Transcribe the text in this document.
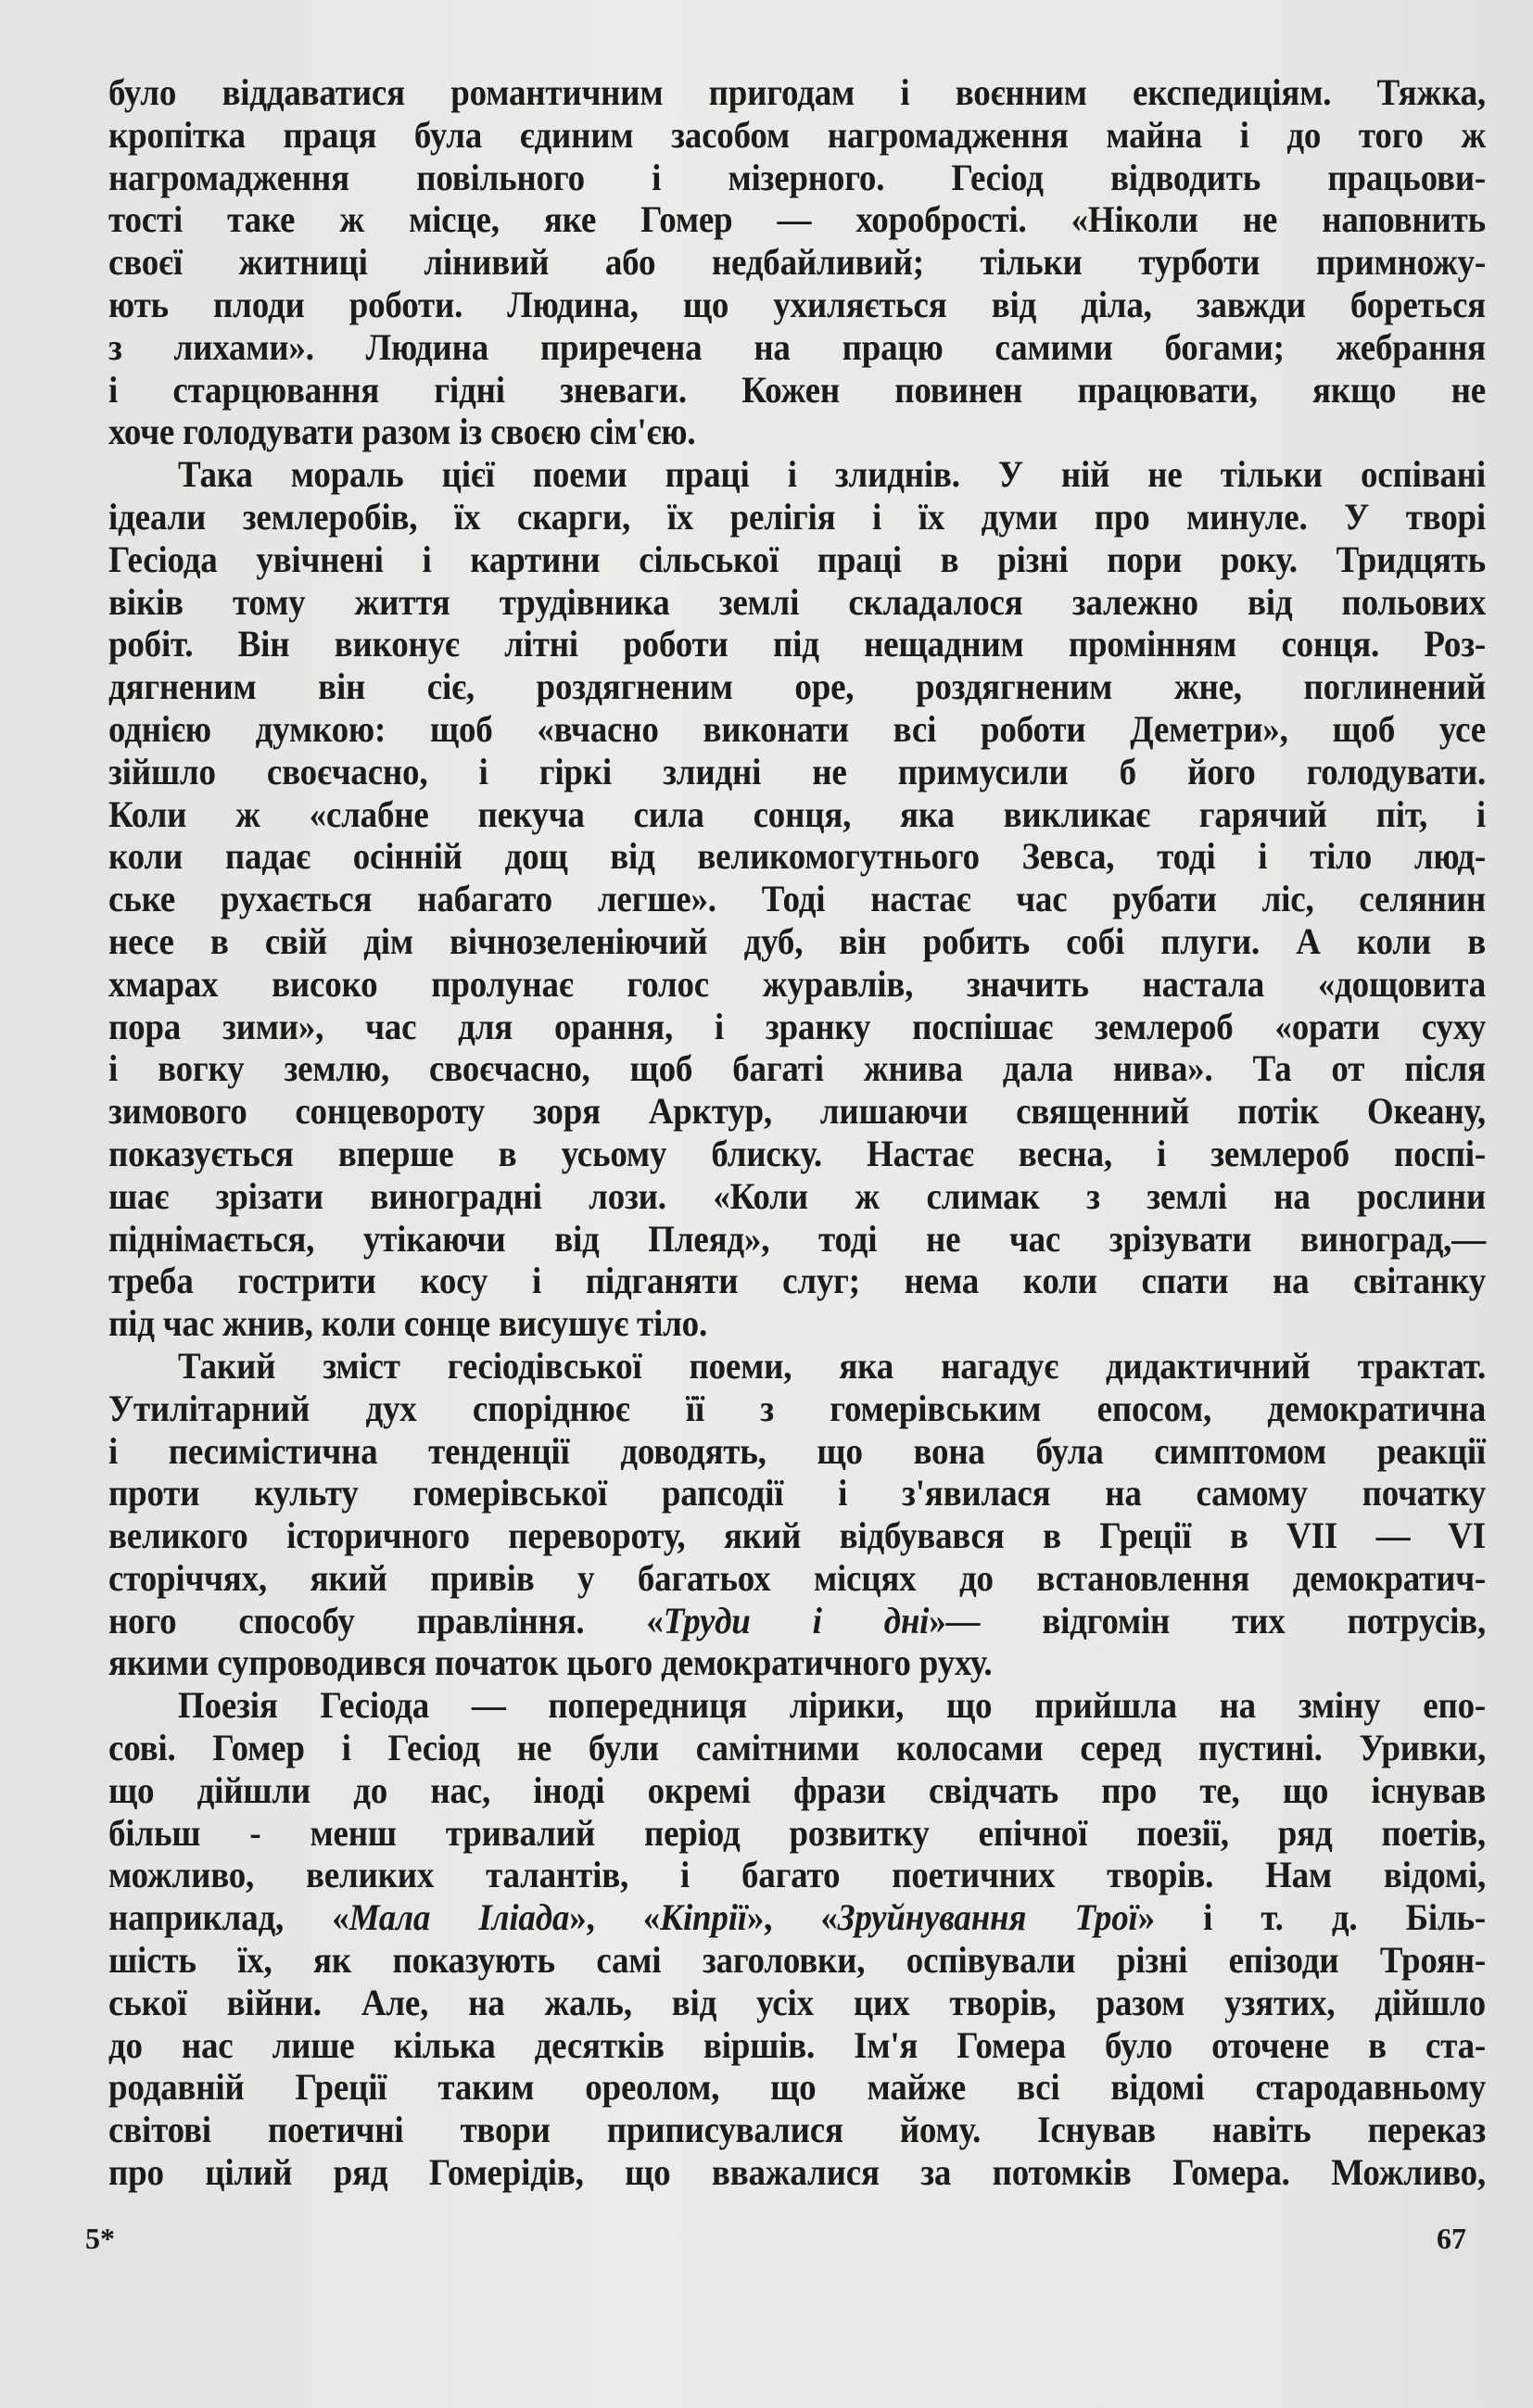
було віддаватися романтичним пригодам і воєнним експедиціям. Тяжка,
кропітка праця була єдиним засобом нагромадження майна і до того ж
нагромадження повільного і мізерного. Гесіод відводить працьови-
тості таке ж місце, яке Гомер — хоробрості. «Ніколи не наповнить
своєї житниці лінивий або недбайливий; тільки турботи примножу-
ють плоди роботи. Людина, що ухиляється від діла, завжди бореться
з лихами». Людина приречена на працю самими богами; жебрання
і старцювання гідні зневаги. Кожен повинен працювати, якщо не
хоче голодувати разом із своєю сім'єю.
Така мораль цієї поеми праці і злиднів. У ній не тільки оспівані
ідеали землеробів, їх скарги, їх релігія і їх думи про минуле. У творі
Гесіода увічнені і картини сільської праці в різні пори року. Тридцять
віків тому життя трудівника землі складалося залежно від польових
робіт. Він виконує літні роботи під нещадним промінням сонця. Роз-
дягненим він сіє, роздягненим оре, роздягненим жне, поглинений
однією думкою: щоб «вчасно виконати всі роботи Деметри», щоб усе
зійшло своєчасно, і гіркі злидні не примусили б його голодувати.
Коли ж «слабне пекуча сила сонця, яка викликає гарячий піт, і
коли падає осінній дощ від великомогутнього Зевса, тоді і тіло люд-
ське рухається набагато легше». Тоді настає час рубати ліс, селянин
несе в свій дім вічнозеленіючий дуб, він робить собі плуги. А коли в
хмарах високо пролунає голос журавлів, значить настала «дощовита
пора зими», час для орання, і зранку поспішає землероб «орати суху
і вогку землю, своєчасно, щоб багаті жнива дала нива». Та от після
зимового сонцевороту зоря Арктур, лишаючи священний потік Океану,
показується вперше в усьому блиску. Настає весна, і землероб поспі-
шає зрізати виноградні лози. «Коли ж слимак з землі на рослини
піднімається, утікаючи від Плеяд», тоді не час зрізувати виноград,—
треба гострити косу і підганяти слуг; нема коли спати на світанку
під час жнив, коли сонце висушує тіло.
Такий зміст гесіодівської поеми, яка нагадує дидактичний трактат.
Утилітарний дух споріднює її з гомерівським епосом, демократична
і песимістична тенденції доводять, що вона була симптомом реакції
проти культу гомерівської рапсодії і з'явилася на самому початку
великого історичного перевороту, який відбувався в Греції в VII — VI
сторіччях, який привів у багатьох місцях до встановлення демократич-
ного способу правління. «Труди і дні»— відгомін тих потрусів,
якими супроводився початок цього демократичного руху.
Поезія Гесіода — попередниця лірики, що прийшла на зміну епо-
сові. Гомер і Гесіод не були самітними колосами серед пустині. Уривки,
що дійшли до нас, іноді окремі фрази свідчать про те, що існував
більш - менш тривалий період розвитку епічної поезії, ряд поетів,
можливо, великих талантів, і багато поетичних творів. Нам відомі,
наприклад, «Мала Іліада», «Кіпрії», «Зруйнування Трої» і т. д. Біль-
шість їх, як показують самі заголовки, оспівували різні епізоди Троян-
ської війни. Але, на жаль, від усіх цих творів, разом узятих, дійшло
до нас лише кілька десятків віршів. Ім'я Гомера було оточене в ста-
родавній Греції таким ореолом, що майже всі відомі стародавньому
світові поетичні твори приписувалися йому. Існував навіть переказ
про цілий ряд Гомерідів, що вважалися за потомків Гомера. Можливо,
5*	67
